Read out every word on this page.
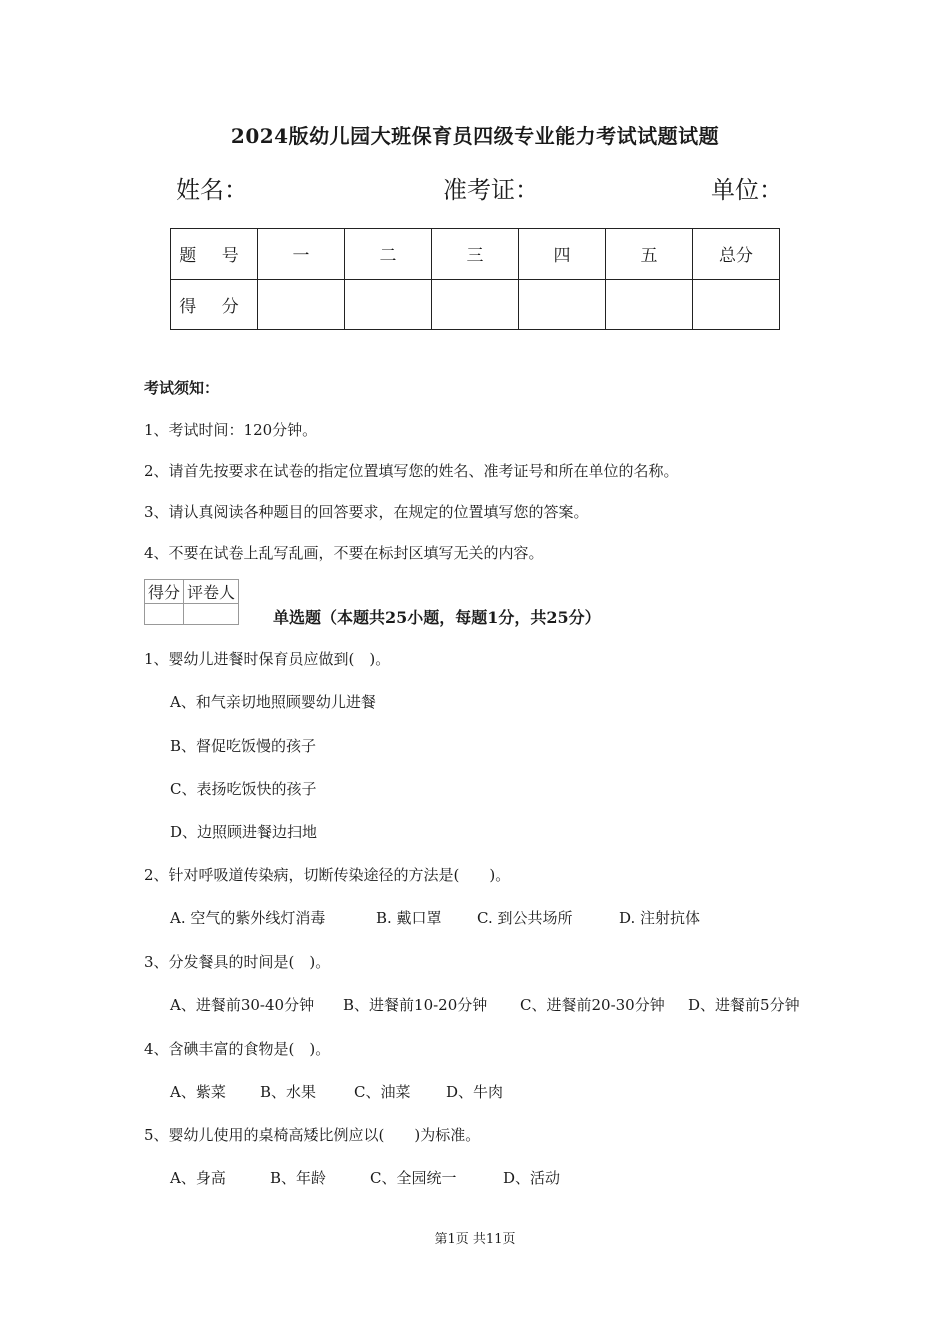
2024版幼儿园大班保育员四级专业能力考试试题试题
姓名：	准考证：	单位：
题 号	一	二	三	四	五	总分
得 分						
考试须知：
1、考试时间：120分钟。
2、请首先按要求在试卷的指定位置填写您的姓名、准考证号和所在单位的名称。
3、请认真阅读各种题目的回答要求，在规定的位置填写您的答案。
4、不要在试卷上乱写乱画，不要在标封区填写无关的内容。
得分	评卷人

单选题（本题共25小题，每题1分，共25分）
1、婴幼儿进餐时保育员应做到(　)。
A、和气亲切地照顾婴幼儿进餐
B、督促吃饭慢的孩子
C、表扬吃饭快的孩子
D、边照顾进餐边扫地
2、针对呼吸道传染病，切断传染途径的方法是(　　)。
A. 空气的紫外线灯消毒	B. 戴口罩 C. 到公共场所	D. 注射抗体
3、分发餐具的时间是(　)。
A、进餐前30-40分钟 B、进餐前10-20分钟 C、进餐前20-30分钟 D、进餐前5分钟
4、含碘丰富的食物是(　)。
A、紫菜 B、水果	C、油菜 D、牛肉
5、婴幼儿使用的桌椅高矮比例应以(　　)为标准。
A、身高	B、年龄	C、全园统一	D、活动
第1页 共11页
